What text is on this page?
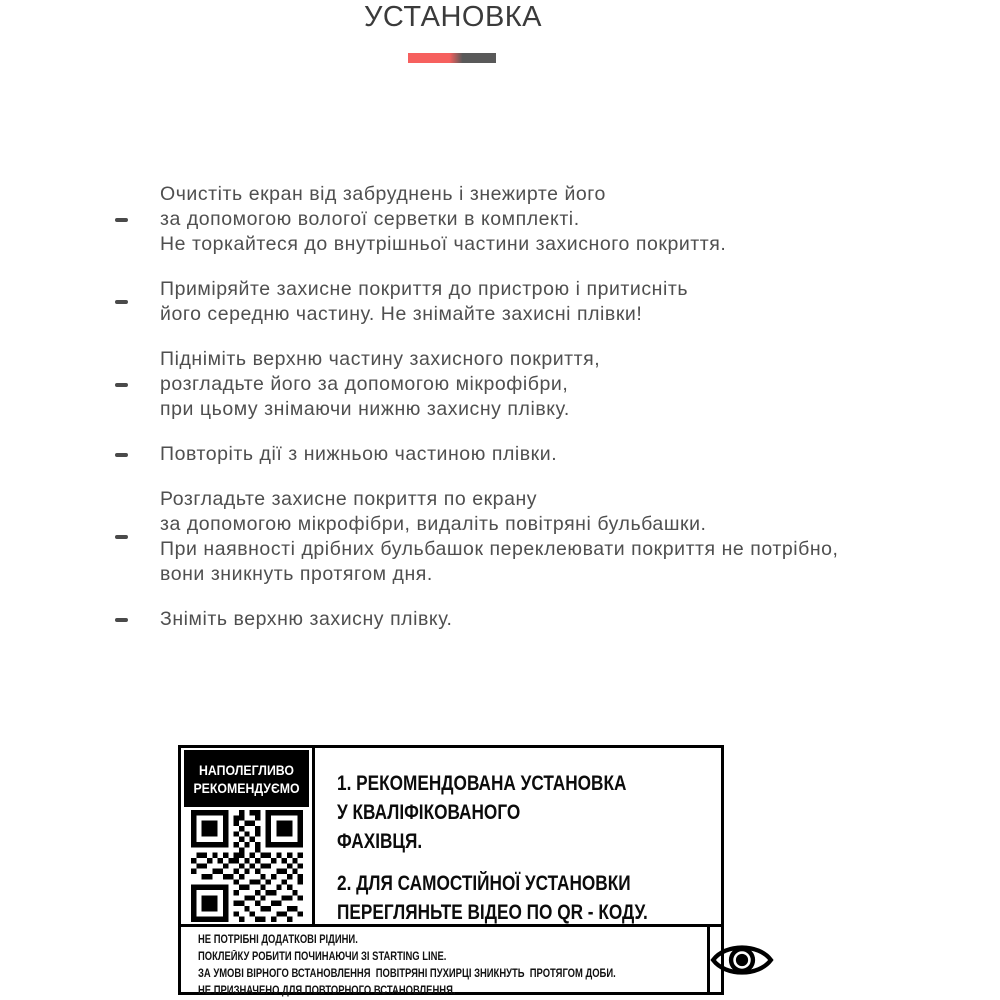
УСТАНОВКА
Очистіть екран від забруднень і знежирте його
за допомогою вологої серветки в комплекті.
Не торкайтеся до внутрішньої частини захисного покриття.
Приміряйте захисне покриття до пристрою і притисніть
його середню частину. Не знімайте захисні плівки!
Підніміть верхню частину захисного покриття,
розгладьте його за допомогою мікрофібри,
при цьому знімаючи нижню захисну плівку.
Повторіть дії з нижньою частиною плівки.
Розгладьте захисне покриття по екрану
за допомогою мікрофібри, видаліть повітряні бульбашки.
При наявності дрібних бульбашок переклеювати покриття не потрібно,
вони зникнуть протягом дня.
Зніміть верхню захисну плівку.
НАПОЛЕГЛИВО
РЕКОМЕНДУЄМО 1. РЕКОМЕНДОВАНА УСТАНОВКА
У КВАЛІФІКОВАНОГО
ФАХІВЦЯ.
2. ДЛЯ САМОСТІЙНОЇ УСТАНОВКИ
ПЕРЕГЛЯНЬТЕ ВІДЕО ПО QR - КОДУ.
НЕ ПОТРІБНІ ДОДАТКОВІ РІДИНИ.
ПОКЛЕЙКУ РОБИТИ ПОЧИНАЮЧИ ЗІ STARTING LINE.
ЗА УМОВІ ВІРНОГО ВСТАНОВЛЕННЯ  ПОВІТРЯНІ ПУХИРЦІ ЗНИКНУТЬ  ПРОТЯГОМ ДОБИ.
НЕ ПРИЗНАЧЕНО ДЛЯ ПОВТОРНОГО ВСТАНОВЛЕННЯ.
